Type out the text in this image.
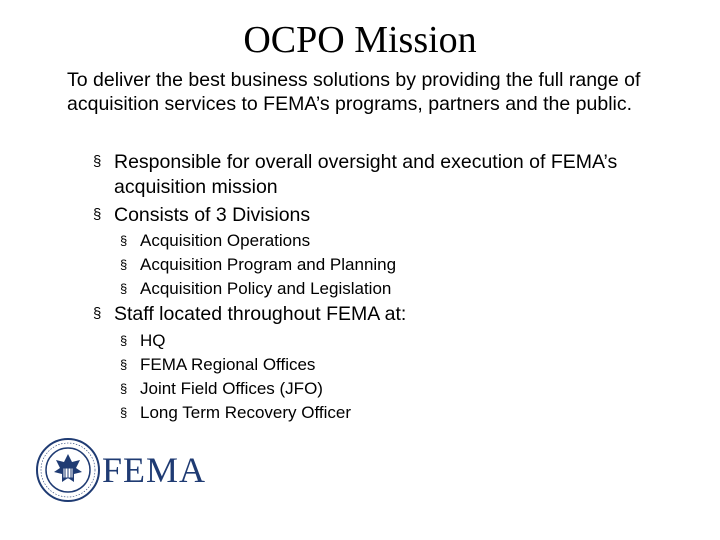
OCPO Mission
To deliver the best business solutions by providing the full range of acquisition services to FEMA’s programs, partners and the public.
§ Responsible for overall oversight and execution of FEMA’s acquisition mission
§ Consists of 3 Divisions
§ Acquisition Operations
§ Acquisition Program and Planning
§ Acquisition Policy and Legislation
§ Staff located throughout FEMA at:
§ HQ
§ FEMA Regional Offices
§ Joint Field Offices (JFO)
§ Long Term Recovery Officer
FEMA
